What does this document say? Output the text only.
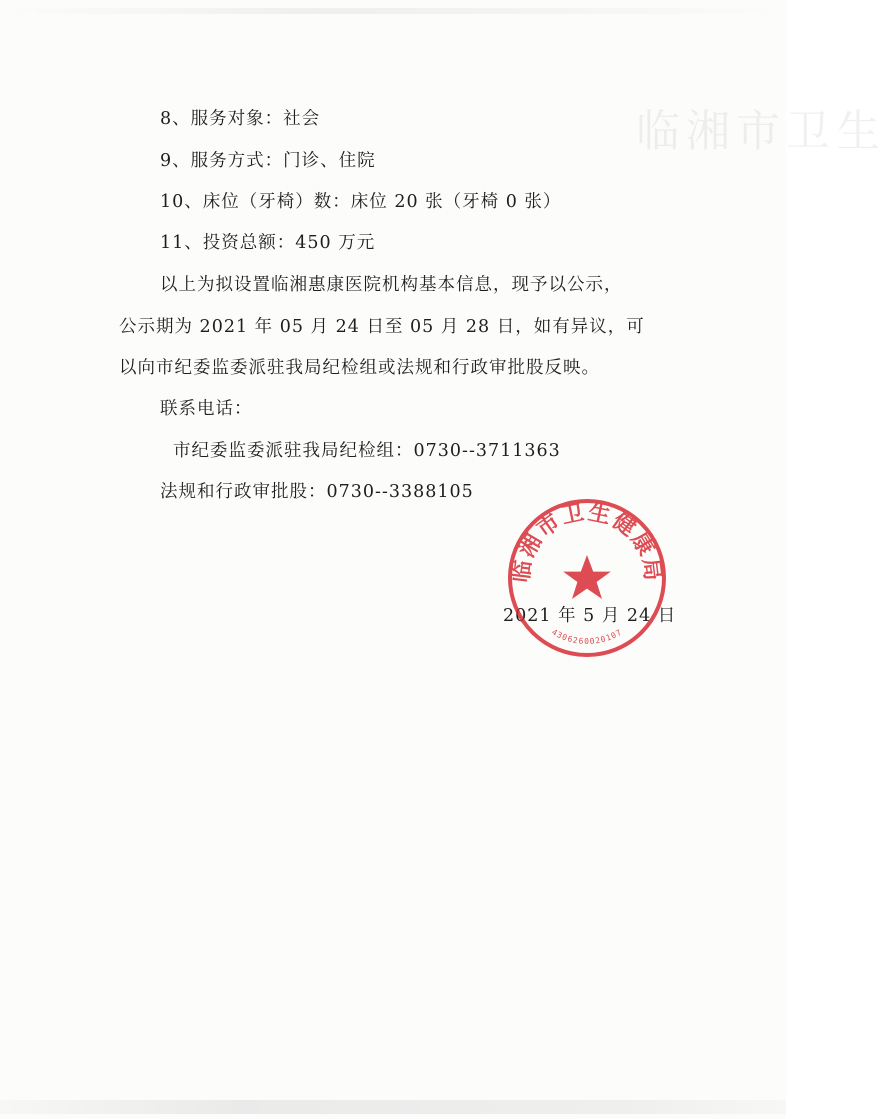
临湘市卫生
8、服务对象：社会
9、服务方式：门诊、住院
10、床位（牙椅）数：床位 20 张（牙椅 0 张）
11、投资总额：450 万元
以上为拟设置临湘惠康医院机构基本信息，现予以公示，
公示期为 2021 年 05 月 24 日至 05 月 28 日，如有异议，可
以向市纪委监委派驻我局纪检组或法规和行政审批股反映。
联系电话：
市纪委监委派驻我局纪检组：0730--3711363
法规和行政审批股：0730--3388105
2021 年 5 月 24 日
临湘市卫生健康局
4306260020107
